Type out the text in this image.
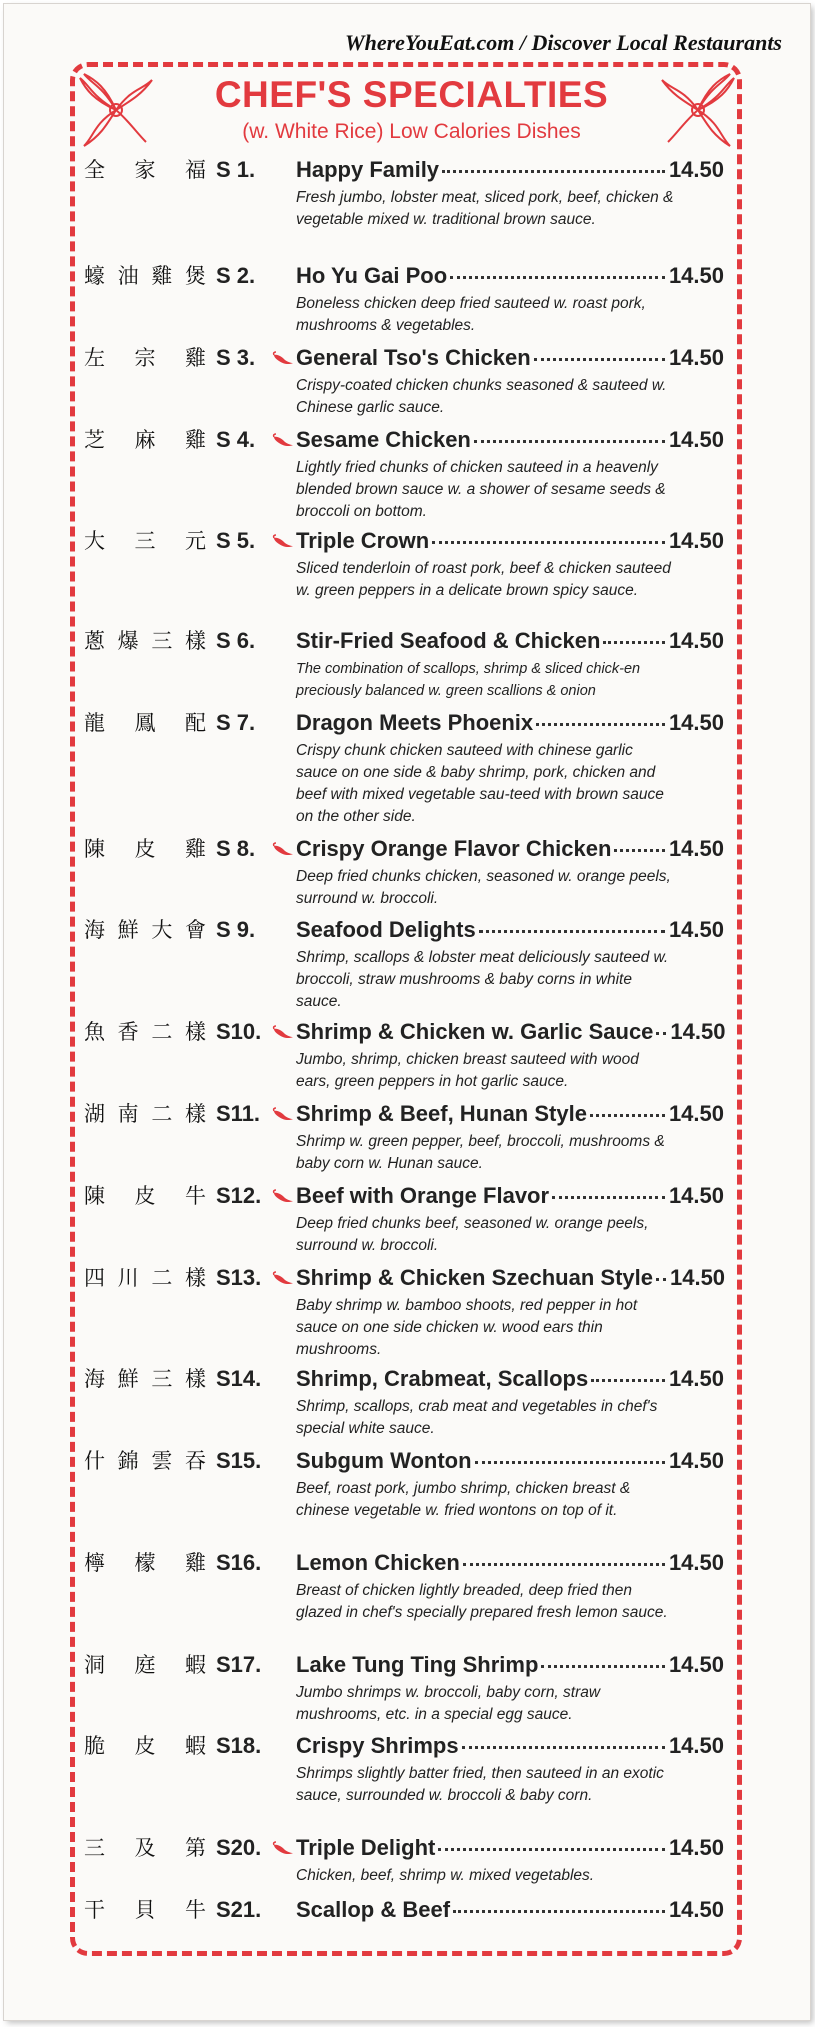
WhereYouEat.com / Discover Local Restaurants
CHEF'S SPECIALTIES
(w. White Rice) Low Calories Dishes
全 家 福 S 1. Happy Family	14.50
Fresh jumbo, lobster meat, sliced pork, beef, chicken & vegetable mixed w. traditional brown sauce.
蠔 油 雞 煲 S 2. Ho Yu Gai Poo	14.50
Boneless chicken deep fried sauteed w. roast pork, mushrooms & vegetables.
左 宗 雞 S 3. General Tso's Chicken	14.50
Crispy-coated chicken chunks seasoned & sauteed w. Chinese garlic sauce.
芝 麻 雞 S 4. Sesame Chicken	14.50
Lightly fried chunks of chicken sauteed in a heavenly blended brown sauce w. a shower of sesame seeds & broccoli on bottom.
大 三 元 S 5. Triple Crown	14.50
Sliced tenderloin of roast pork, beef & chicken sauteed w. green peppers in a delicate brown spicy sauce.
蔥 爆 三 樣 S 6. Stir-Fried Seafood & Chicken	14.50
The combination of scallops, shrimp & sliced chick-en preciously balanced w. green scallions & onion
龍 鳳 配 S 7. Dragon Meets Phoenix	14.50
Crispy chunk chicken sauteed with chinese garlic sauce on one side & baby shrimp, pork, chicken and beef with mixed vegetable sau-teed with brown sauce on the other side.
陳 皮 雞 S 8. Crispy Orange Flavor Chicken	14.50
Deep fried chunks chicken, seasoned w. orange peels, surround w. broccoli.
海 鮮 大 會 S 9. Seafood Delights	14.50
Shrimp, scallops & lobster meat deliciously sauteed w. broccoli, straw mushrooms & baby corns in white sauce.
魚 香 二 樣 S10. Shrimp & Chicken w. Garlic Sauce 14.50
Jumbo, shrimp, chicken breast sauteed with wood ears, green peppers in hot garlic sauce.
湖 南 二 樣 S11. Shrimp & Beef, Hunan Style	14.50
Shrimp w. green pepper, beef, broccoli, mushrooms & baby corn w. Hunan sauce.
陳 皮 牛 S12. Beef with Orange Flavor	14.50
Deep fried chunks beef, seasoned w. orange peels, surround w. broccoli.
四 川 二 樣 S13. Shrimp & Chicken Szechuan Style 14.50
Baby shrimp w. bamboo shoots, red pepper in hot sauce on one side chicken w. wood ears thin mushrooms.
海 鮮 三 樣 S14. Shrimp, Crabmeat, Scallops	14.50
Shrimp, scallops, crab meat and vegetables in chef's special white sauce.
什 錦 雲 吞 S15. Subgum Wonton	14.50
Beef, roast pork, jumbo shrimp, chicken breast & chinese vegetable w. fried wontons on top of it.
檸 檬 雞 S16. Lemon Chicken	14.50
Breast of chicken lightly breaded, deep fried then glazed in chef's specially prepared fresh lemon sauce.
洞 庭 蝦 S17. Lake Tung Ting Shrimp	14.50
Jumbo shrimps w. broccoli, baby corn, straw mushrooms, etc. in a special egg sauce.
脆 皮 蝦 S18. Crispy Shrimps	14.50
Shrimps slightly batter fried, then sauteed in an exotic sauce, surrounded w. broccoli & baby corn.
三 及 第 S20. Triple Delight	14.50
Chicken, beef, shrimp w. mixed vegetables.
干 貝 牛 S21. Scallop & Beef	14.50
